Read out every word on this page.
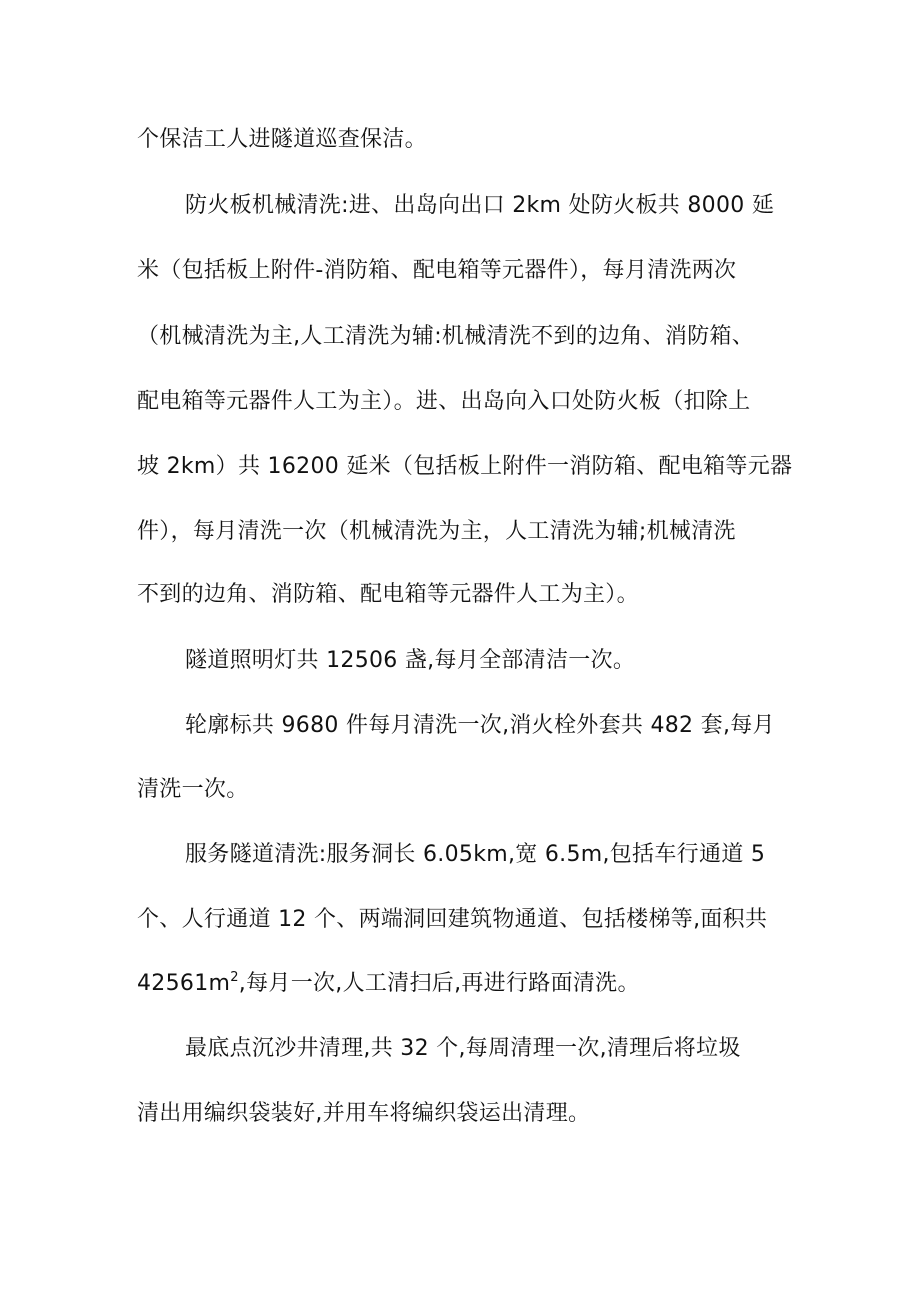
个保洁工人进隧道巡查保洁。
防火板机械清洗:进、出岛向出口 2km 处防火板共 8000 延
米（包括板上附件-消防箱、配电箱等元器件），每月清洗两次
（机械清洗为主,人工清洗为辅:机械清洗不到的边角、消防箱、
配电箱等元器件人工为主）。进、出岛向入口处防火板（扣除上
坡 2km）共 16200 延米（包括板上附件一消防箱、配电箱等元器
件），每月清洗一次（机械清洗为主，人工清洗为辅;机械清洗
不到的边角、消防箱、配电箱等元器件人工为主）。
隧道照明灯共 12506 盏,每月全部清洁一次。
轮廓标共 9680 件每月清洗一次,消火栓外套共 482 套,每月
清洗一次。
服务隧道清洗:服务洞长 6.05km,宽 6.5m,包括车行通道 5
个、人行通道 12 个、两端洞回建筑物通道、包括楼梯等,面积共
$42561m^2$,每月一次,人工清扫后,再进行路面清洗。
最底点沉沙井清理,共 32 个,每周清理一次,清理后将垃圾
清出用编织袋装好,并用车将编织袋运出清理。
